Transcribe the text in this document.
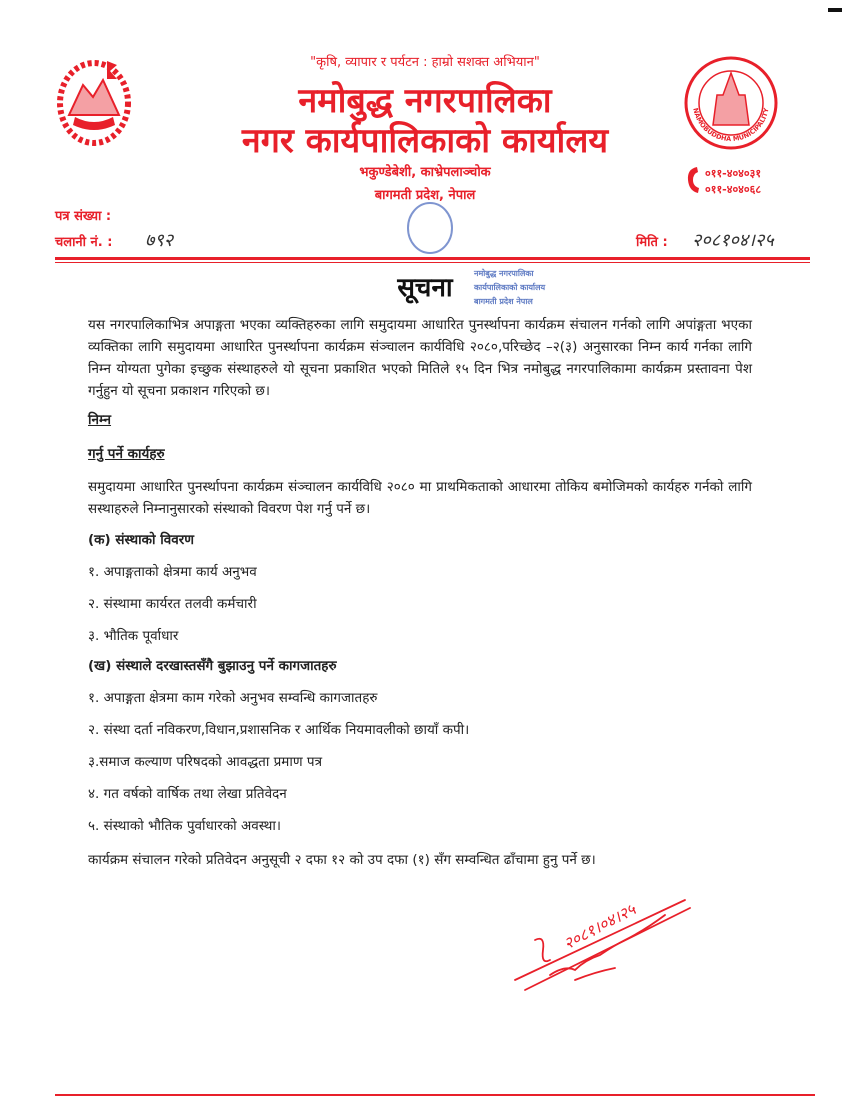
"कृषि, व्यापार र पर्यटन : हाम्रो सशक्त अभियान"
नमोबुद्ध नगरपालिका
नगर कार्यपालिकाको कार्यालय
भकुण्डेबेशी, काभ्रेपलाञ्चोक
बागमती प्रदेश, नेपाल
NAMOBUDDHA MUNICIPALITY
०११-४०४०३१
०११-४०४०६८
पत्र संख्या :
चलानी नं. : ७९२	मिति : २०८१०४।२५
नमोबुद्ध नगरपालिका
कार्यपालिकाको कार्यालय
बागमती प्रदेश नेपाल
सूचना
यस नगरपालिकाभित्र अपाङ्गता भएका व्यक्तिहरुका लागि समुदायमा आधारित पुनर्स्थापना कार्यक्रम संचालन गर्नको लागि अपांङ्गता भएका व्यक्तिका लागि समुदायमा आधारित पुनर्स्थापना कार्यक्रम संञ्चालन कार्यविधि २०८०,परिच्छेद –२(३) अनुसारका निम्न कार्य गर्नका लागि निम्न योग्यता पुगेका इच्छुक संस्थाहरुले यो सूचना प्रकाशित भएको मितिले १५ दिन भित्र नमोबुद्ध नगरपालिकामा कार्यक्रम प्रस्तावना पेश गर्नुहुन यो सूचना प्रकाशन गरिएको छ।
निम्न
गर्नु पर्ने कार्यहरु
समुदायमा आधारित पुनर्स्थापना कार्यक्रम संञ्चालन कार्यविधि २०८० मा प्राथमिकताको आधारमा तोकिय बमोजिमको कार्यहरु गर्नको लागि सस्थाहरुले निम्नानुसारको संस्थाको विवरण पेश गर्नु पर्ने छ।
(क) संस्थाको विवरण
१. अपाङ्गताको क्षेत्रमा कार्य अनुभव
२. संस्थामा कार्यरत तलवी कर्मचारी
३. भौतिक पूर्वाधार
(ख) संस्थाले दरखास्तसँगै बुझाउनु पर्ने कागजातहरु
१. अपाङ्गता क्षेत्रमा काम गरेको अनुभव सम्वन्धि कागजातहरु
२. संस्था दर्ता नविकरण,विधान,प्रशासनिक र आर्थिक नियमावलीको छायाँ कपी।
३.समाज कल्याण परिषदको आवद्धता प्रमाण पत्र
४. गत वर्षको वार्षिक तथा लेखा प्रतिवेदन
५. संस्थाको भौतिक पुर्वाधारको अवस्था।
कार्यक्रम संचालन गरेको प्रतिवेदन अनुसूची २ दफा १२ को उप दफा (१) सँग सम्वन्धित ढाँचामा हुनु पर्ने छ।
२०८१।०४।२५
